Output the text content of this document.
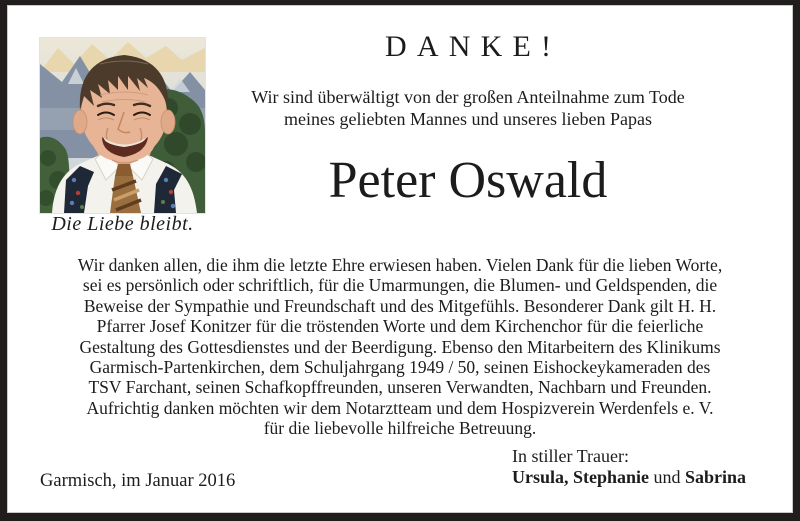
Die Liebe bleibt.
DANKE!
Wir sind überwältigt von der großen Anteilnahme zum Tode
meines geliebten Mannes und unseres lieben Papas
Peter Oswald
Wir danken allen, die ihm die letzte Ehre erwiesen haben. Vielen Dank für die lieben Worte,
sei es persönlich oder schriftlich, für die Umarmungen, die Blumen- und Geldspenden, die
Beweise der Sympathie und Freundschaft und des Mitgefühls. Besonderer Dank gilt H. H.
Pfarrer Josef Konitzer für die tröstenden Worte und dem Kirchenchor für die feierliche
Gestaltung des Gottesdienstes und der Beerdigung. Ebenso den Mitarbeitern des Klinikums
Garmisch-Partenkirchen, dem Schuljahrgang 1949 / 50, seinen Eishockeykameraden des
TSV Farchant, seinen Schafkopffreunden, unseren Verwandten, Nachbarn und Freunden.
Aufrichtig danken möchten wir dem Notarztteam und dem Hospizverein Werdenfels e. V.
für die liebevolle hilfreiche Betreuung.
In stiller Trauer:
Ursula, Stephanie und Sabrina
Garmisch, im Januar 2016
